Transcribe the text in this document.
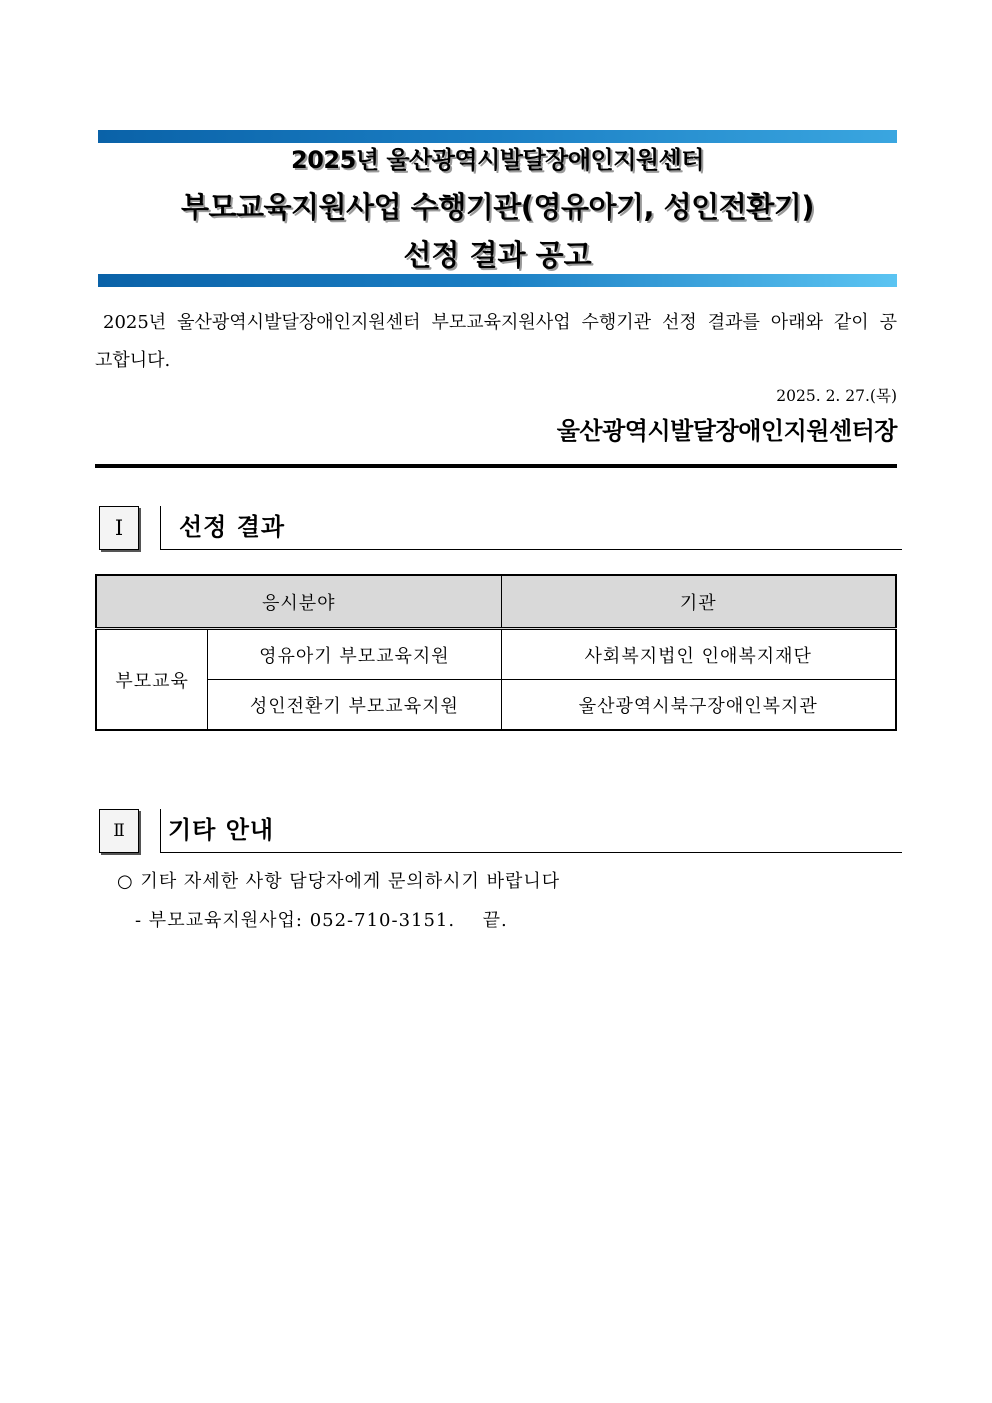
2025년 울산광역시발달장애인지원센터
부모교육지원사업 수행기관(영유아기, 성인전환기)
선정 결과 공고
2025년 울산광역시발달장애인지원센터 부모교육지원사업 수행기관 선정 결과를 아래와 같이 공고합니다.
2025. 2. 27.(목)
울산광역시발달장애인지원센터장
Ⅰ	선정 결과
응시분야		기관
부모교육	영유아기 부모교육지원	사회복지법인 인애복지재단
	성인전환기 부모교육지원	울산광역시북구장애인복지관
Ⅱ	기타 안내
○ 기타 자세한 사항 담당자에게 문의하시기 바랍니다
- 부모교육지원사업: 052-710-3151. 끝.
